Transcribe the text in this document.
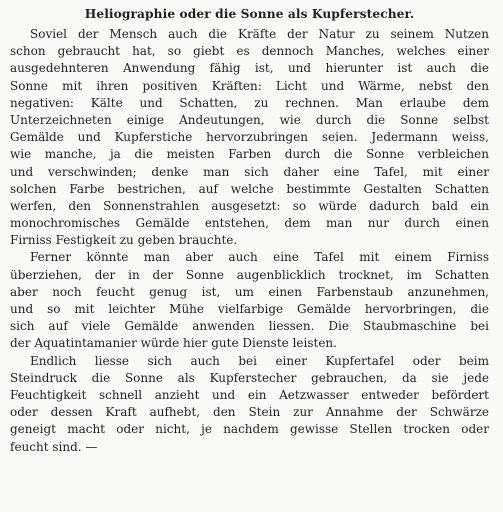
Heliographie oder die Sonne als Kupferstecher.
Soviel der Mensch auch die Kräfte der Natur zu seinem Nutzen
schon gebraucht hat, so giebt es dennoch Manches, welches einer
ausgedehnteren Anwendung fähig ist, und hierunter ist auch die
Sonne mit ihren positiven Kräften: Licht und Wärme, nebst den
negativen: Kälte und Schatten, zu rechnen. Man erlaube dem
Unterzeichneten einige Andeutungen, wie durch die Sonne selbst
Gemälde und Kupferstiche hervorzubringen seien. Jedermann weiss,
wie manche, ja die meisten Farben durch die Sonne verbleichen
und verschwinden; denke man sich daher eine Tafel, mit einer
solchen Farbe bestrichen, auf welche bestimmte Gestalten Schatten
werfen, den Sonnenstrahlen ausgesetzt: so würde dadurch bald ein
monochromisches Gemälde entstehen, dem man nur durch einen
Firniss Festigkeit zu geben brauchte.
Ferner könnte man aber auch eine Tafel mit einem Firniss
überziehen, der in der Sonne augenblicklich trocknet, im Schatten
aber noch feucht genug ist, um einen Farbenstaub anzunehmen,
und so mit leichter Mühe vielfarbige Gemälde hervorbringen, die
sich auf viele Gemälde anwenden liessen. Die Staubmaschine bei
der Aquatintamanier würde hier gute Dienste leisten.
Endlich liesse sich auch bei einer Kupfertafel oder beim
Steindruck die Sonne als Kupferstecher gebrauchen, da sie jede
Feuchtigkeit schnell anzieht und ein Aetzwasser entweder befördert
oder dessen Kraft aufhebt, den Stein zur Annahme der Schwärze
geneigt macht oder nicht, je nachdem gewisse Stellen trocken oder
feucht sind. —
